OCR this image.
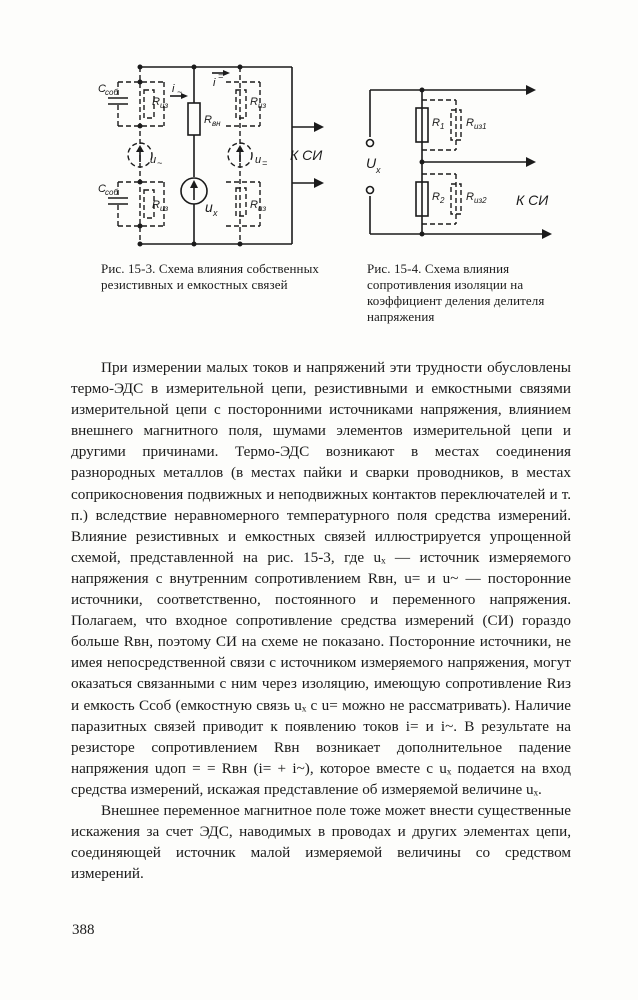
К СИ
R вн
u x
R из
u =
R из
i
=
C соб
R из
u ~
C соб
R из
i ~
R 1 R из1
U x
R 2 R из2 К СИ
Рис. 15-3. Схема влияния собственных резистивных и емкостных связей
Рис. 15-4. Схема влияния сопротивления изоляции на коэффициент деления делителя напряжения

При измерении малых токов и напряжений эти трудности обусловлены термо-ЭДС в измерительной цепи, резистивными и емкостными связями измерительной цепи с посторонними источниками напряжения, влиянием внешнего магнитного поля, шумами элементов измерительной цепи и другими причинами. Термо-ЭДС возникают в местах соединения разнородных металлов (в местах пайки и сварки проводников, в местах соприкосновения подвижных и неподвижных контактов переключателей и т. п.) вследствие неравномерного температурного поля средства измерений. Влияние резистивных и емкостных связей иллюстрируется упрощенной схемой, представленной на рис. 15-3, где uₓ — источник измеряемого напряжения с внутренним сопротивлением Rвн, u= и u~ — посторонние источники, соответственно, постоянного и переменного напряжения. Полагаем, что входное сопротивление средства измерений (СИ) гораздо больше Rвн, поэтому СИ на схеме не показано. Посторонние источники, не имея непосредственной связи с источником измеряемого напряжения, могут оказаться связанными с ним через изоляцию, имеющую сопротивление Rиз и емкость Cсоб (емкостную связь uₓ с u= можно не рассматривать). Наличие паразитных связей приводит к появлению токов i= и i~. В результате на резисторе сопротивлением Rвн возникает дополнительное падение напряжения uдоп = = Rвн (i= + i~), которое вместе с uₓ подается на вход средства измерений, искажая представление об измеряемой величине uₓ.

Внешнее переменное магнитное поле тоже может внести существенные искажения за счет ЭДС, наводимых в проводах и других элементах цепи, соединяющей источник малой измеряемой величины со средством измерений.

388
